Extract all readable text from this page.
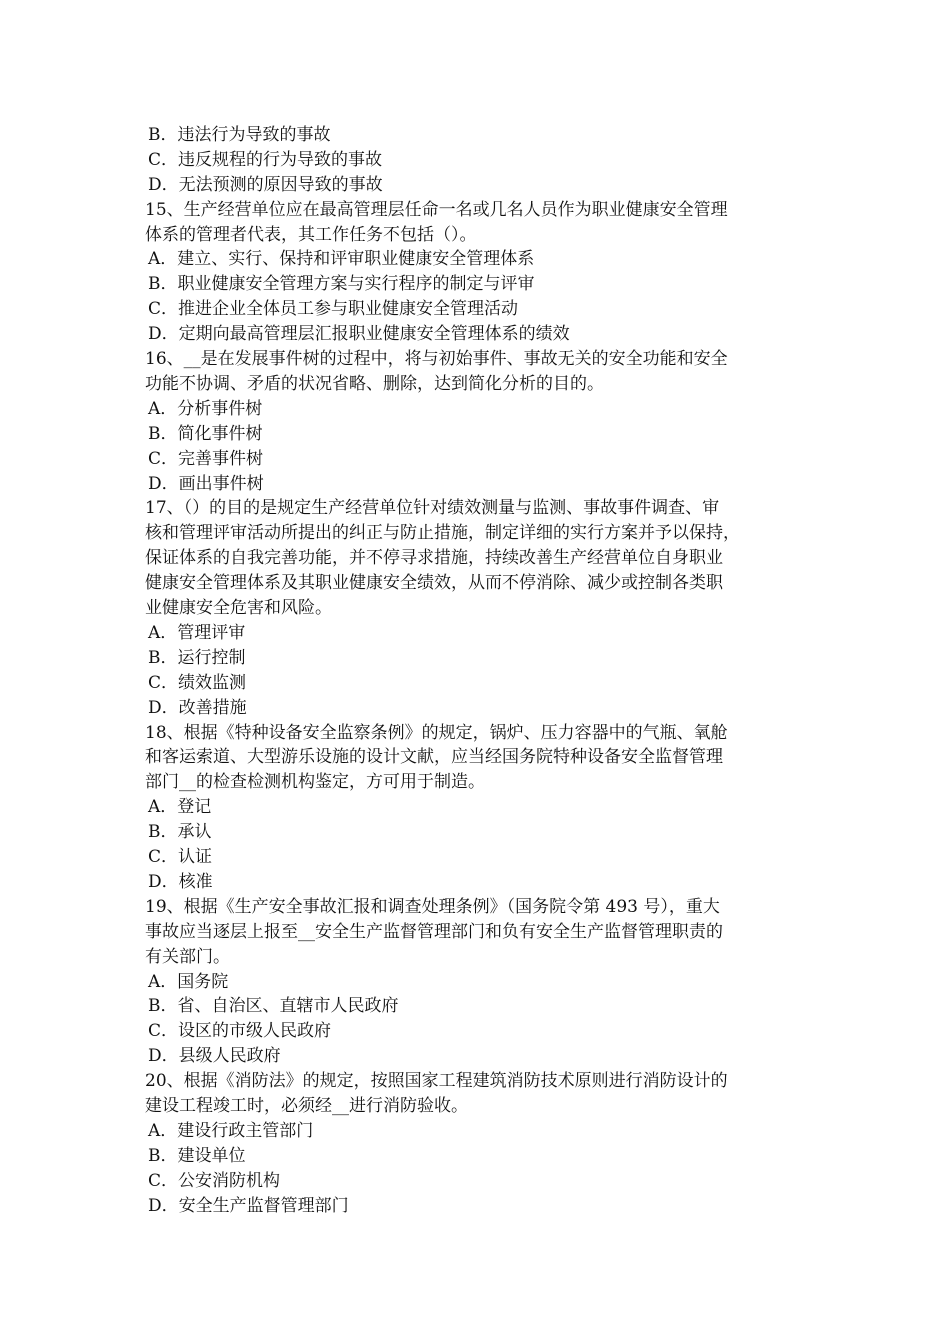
B．违法行为导致的事故
C．违反规程的行为导致的事故
D．无法预测的原因导致的事故
15、生产经营单位应在最高管理层任命一名或几名人员作为职业健康安全管理
体系的管理者代表，其工作任务不包括（）。
A．建立、实行、保持和评审职业健康安全管理体系
B．职业健康安全管理方案与实行程序的制定与评审
C．推进企业全体员工参与职业健康安全管理活动
D．定期向最高管理层汇报职业健康安全管理体系的绩效
16、__是在发展事件树的过程中，将与初始事件、事故无关的安全功能和安全
功能不协调、矛盾的状况省略、删除，达到简化分析的目的。
A．分析事件树
B．简化事件树
C．完善事件树
D．画出事件树
17、（）的目的是规定生产经营单位针对绩效测量与监测、事故事件调查、审
核和管理评审活动所提出的纠正与防止措施，制定详细的实行方案并予以保持，
保证体系的自我完善功能，并不停寻求措施，持续改善生产经营单位自身职业
健康安全管理体系及其职业健康安全绩效，从而不停消除、减少或控制各类职
业健康安全危害和风险。
A．管理评审
B．运行控制
C．绩效监测
D．改善措施
18、根据《特种设备安全监察条例》的规定，锅炉、压力容器中的气瓶、氧舱
和客运索道、大型游乐设施的设计文献，应当经国务院特种设备安全监督管理
部门__的检查检测机构鉴定，方可用于制造。
A．登记
B．承认
C．认证
D．核准
19、根据《生产安全事故汇报和调查处理条例》（国务院令第 493 号），重大
事故应当逐层上报至__安全生产监督管理部门和负有安全生产监督管理职责的
有关部门。
A．国务院
B．省、自治区、直辖市人民政府
C．设区的市级人民政府
D．县级人民政府
20、根据《消防法》的规定，按照国家工程建筑消防技术原则进行消防设计的
建设工程竣工时，必须经__进行消防验收。
A．建设行政主管部门
B．建设单位
C．公安消防机构
D．安全生产监督管理部门
